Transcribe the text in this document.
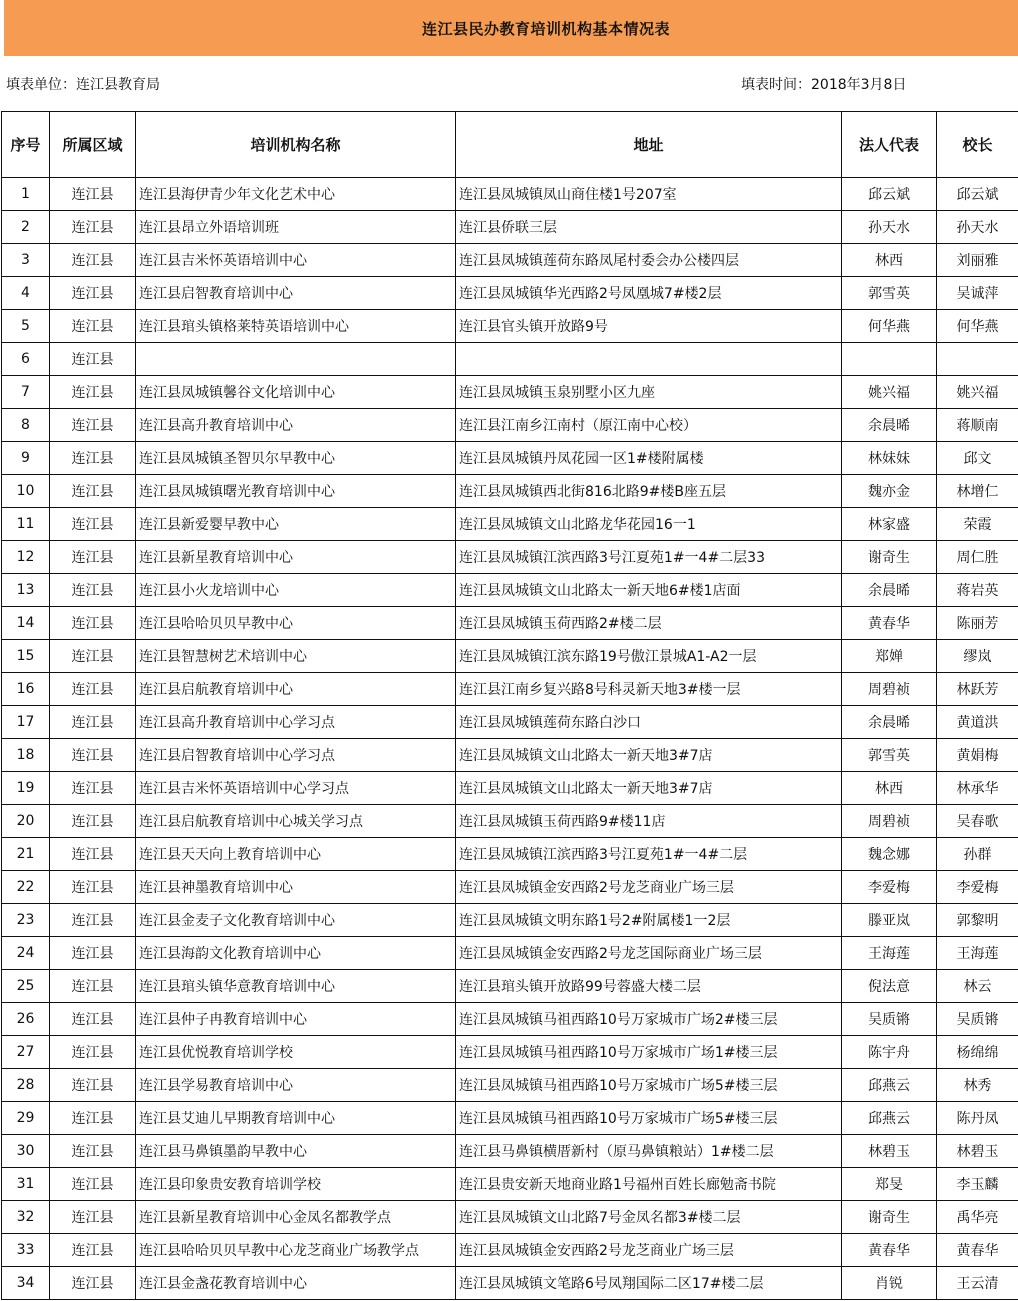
连江县民办教育培训机构基本情况表
填表单位：连江县教育局	填表时间：2018年3月8日
序号	所属区域	培训机构名称	地址	法人代表	校长
1	连江县	连江县海伊青少年文化艺术中心	连江县凤城镇凤山商住楼1号207室	邱云斌	邱云斌
2	连江县	连江县昂立外语培训班	连江县侨联三层	孙天水	孙天水
3	连江县	连江县吉米怀英语培训中心	连江县凤城镇莲荷东路凤尾村委会办公楼四层	林西	刘丽雅
4	连江县	连江县启智教育培训中心	连江县凤城镇华光西路2号凤凰城7#楼2层	郭雪英	吴诚萍
5	连江县	连江县琯头镇格莱特英语培训中心	连江县官头镇开放路9号	何华燕	何华燕
6	连江县				
7	连江县	连江县凤城镇馨谷文化培训中心	连江县凤城镇玉泉别墅小区九座	姚兴福	姚兴福
8	连江县	连江县高升教育培训中心	连江县江南乡江南村（原江南中心校）	余晨晞	蒋顺南
9	连江县	连江县凤城镇圣智贝尔早教中心	连江县凤城镇丹凤花园一区1#楼附属楼	林妹妹	邱文
10	连江县	连江县凤城镇曙光教育培训中心	连江县凤城镇西北街816北路9#楼B座五层	魏亦金	林增仁
11	连江县	连江县新爱婴早教中心	连江县凤城镇文山北路龙华花园16一1	林家盛	荣霞
12	连江县	连江县新星教育培训中心	连江县凤城镇江滨西路3号江夏苑1#一4#二层33	谢奇生	周仁胜
13	连江县	连江县小火龙培训中心	连江县凤城镇文山北路太一新天地6#楼1店面	余晨晞	蒋岩英
14	连江县	连江县哈哈贝贝早教中心	连江县凤城镇玉荷西路2#楼二层	黄春华	陈丽芳
15	连江县	连江县智慧树艺术培训中心	连江县凤城镇江滨东路19号傲江景城A1-A2一层	郑婵	缪岚
16	连江县	连江县启航教育培训中心	连江县江南乡复兴路8号科灵新天地3#楼一层	周碧祯	林跃芳
17	连江县	连江县高升教育培训中心学习点	连江县凤城镇莲荷东路白沙口	余晨晞	黄道洪
18	连江县	连江县启智教育培训中心学习点	连江县凤城镇文山北路太一新天地3#7店	郭雪英	黄娟梅
19	连江县	连江县吉米怀英语培训中心学习点	连江县凤城镇文山北路太一新天地3#7店	林西	林承华
20	连江县	连江县启航教育培训中心城关学习点	连江县凤城镇玉荷西路9#楼11店	周碧祯	吴春歌
21	连江县	连江县天天向上教育培训中心	连江县凤城镇江滨西路3号江夏苑1#一4#二层	魏念娜	孙群
22	连江县	连江县神墨教育培训中心	连江县凤城镇金安西路2号龙芝商业广场三层	李爱梅	李爱梅
23	连江县	连江县金麦子文化教育培训中心	连江县凤城镇文明东路1号2#附属楼1一2层	滕亚岚	郭黎明
24	连江县	连江县海韵文化教育培训中心	连江县凤城镇金安西路2号龙芝国际商业广场三层	王海莲	王海莲
25	连江县	连江县琯头镇华意教育培训中心	连江县琯头镇开放路99号蓉盛大楼二层	倪法意	林云
26	连江县	连江县仲子冉教育培训中心	连江县凤城镇马祖西路10号万家城市广场2#楼三层	吴质锵	吴质锵
27	连江县	连江县优悦教育培训学校	连江县凤城镇马祖西路10号万家城市广场1#楼三层	陈宇舟	杨绵绵
28	连江县	连江县学易教育培训中心	连江县凤城镇马祖西路10号万家城市广场5#楼三层	邱燕云	林秀
29	连江县	连江县艾迪儿早期教育培训中心	连江县凤城镇马祖西路10号万家城市广场5#楼三层	邱燕云	陈丹凤
30	连江县	连江县马鼻镇墨韵早教中心	连江县马鼻镇横厝新村（原马鼻镇粮站）1#楼二层	林碧玉	林碧玉
31	连江县	连江县印象贵安教育培训学校	连江县贵安新天地商业路1号福州百姓长廊勉斋书院	郑旻	李玉麟
32	连江县	连江县新星教育培训中心金凤名都教学点	连江县凤城镇文山北路7号金凤名都3#楼二层	谢奇生	禹华亮
33	连江县	连江县哈哈贝贝早教中心龙芝商业广场教学点	连江县凤城镇金安西路2号龙芝商业广场三层	黄春华	黄春华
34	连江县	连江县金盏花教育培训中心	连江县凤城镇文笔路6号凤翔国际二区17#楼二层	肖锐	王云清
